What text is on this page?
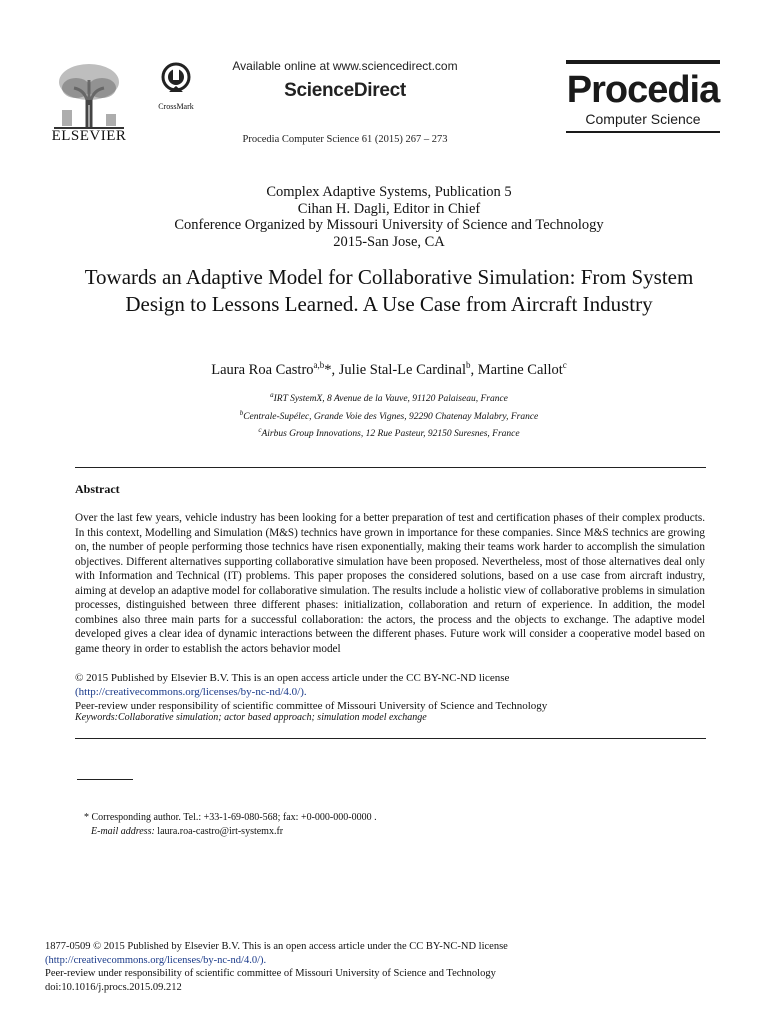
ELSEVIER
CrossMark
Available online at www.sciencedirect.com
ScienceDirect
Procedia Computer Science 61 (2015) 267 – 273
Procedia
Computer Science
Complex Adaptive Systems, Publication 5
Cihan H. Dagli, Editor in Chief
Conference Organized by Missouri University of Science and Technology
2015-San Jose, CA
Towards an Adaptive Model for Collaborative Simulation: From System Design to Lessons Learned. A Use Case from Aircraft Industry
Laura Roa Castro$^{a,b}$*, Julie Stal-Le Cardinal$^b$, Martine Callot$^c$
$^a$IRT SystemX, 8 Avenue de la Vauve, 91120 Palaiseau, France
$^b$Centrale-Supélec, Grande Voie des Vignes, 92290 Chatenay Malabry, France
$^c$Airbus Group Innovations, 12 Rue Pasteur, 92150 Suresnes, France
Abstract
Over the last few years, vehicle industry has been looking for a better preparation of test and certification phases of their complex products. In this context, Modelling and Simulation (M&S) technics have grown in importance for these companies. Since M&S technics are growing on, the number of people performing those technics have risen exponentially, making their teams work harder to accomplish the simulation objectives. Different alternatives supporting collaborative simulation have been proposed. Nevertheless, most of those alternatives deal only with Information and Technical (IT) problems. This paper proposes the considered solutions, based on a use case from aircraft industry, aiming at develop an adaptive model for collaborative simulation. The results include a holistic view of collaborative problems in simulation processes, distinguished between three different phases: initialization, collaboration and return of experience. In addition, the model combines also three main parts for a successful collaboration: the actors, the process and the objects to exchange. The adaptive model developed gives a clear idea of dynamic interactions between the different phases. Future work will consider a cooperative model based on game theory in order to establish the actors behavior model
© 2015 Published by Elsevier B.V. This is an open access article under the CC BY-NC-ND license
(http://creativecommons.org/licenses/by-nc-nd/4.0/).
Peer-review under responsibility of scientific committee of Missouri University of Science and Technology
Keywords:Collaborative simulation; actor based approach; simulation model exchange
* Corresponding author. Tel.: +33-1-69-080-568; fax: +0-000-000-0000 .
E-mail address: laura.roa-castro@irt-systemx.fr
1877-0509 © 2015 Published by Elsevier B.V. This is an open access article under the CC BY-NC-ND license
(http://creativecommons.org/licenses/by-nc-nd/4.0/).
Peer-review under responsibility of scientific committee of Missouri University of Science and Technology
doi:10.1016/j.procs.2015.09.212
